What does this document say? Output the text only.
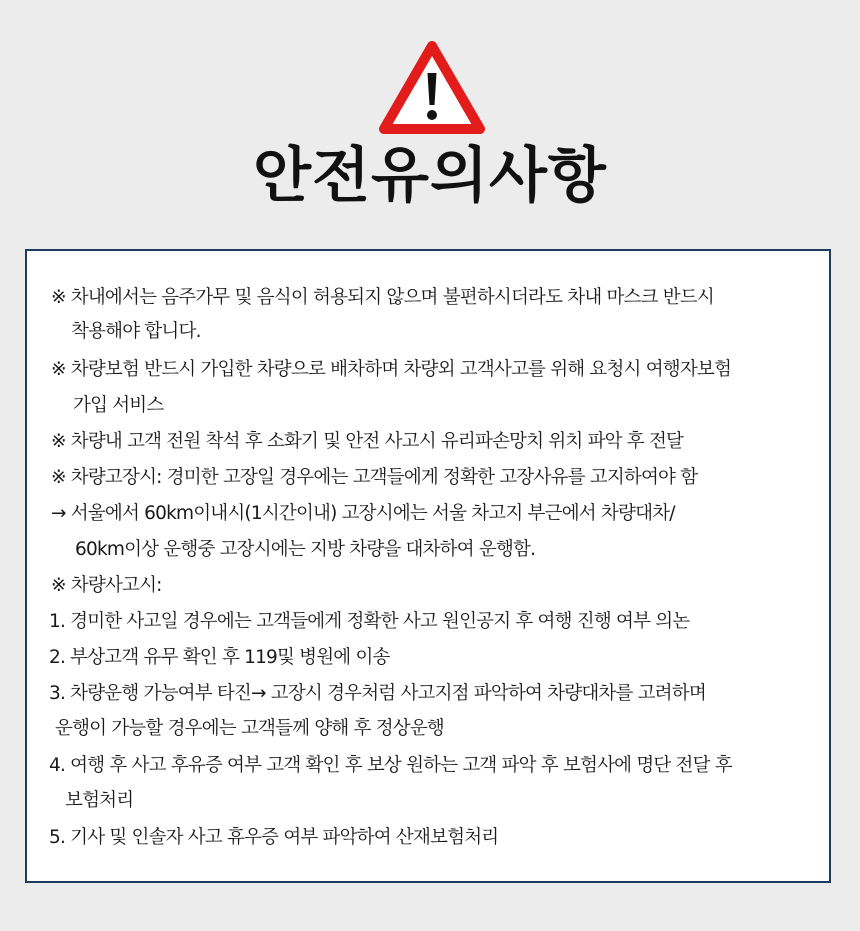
안전유의사항
※ 차내에서는 음주가무 및 음식이 허용되지 않으며 불편하시더라도 차내 마스크 반드시
착용해야 합니다.
※ 차량보험 반드시 가입한 차량으로 배차하며 차량외 고객사고를 위해 요청시 여행자보험
가입 서비스
※ 차량내 고객 전원 착석 후 소화기 및 안전 사고시 유리파손망치 위치 파악 후 전달
※ 차량고장시: 경미한 고장일 경우에는 고객들에게 정확한 고장사유를 고지하여야 함
→ 서울에서 60km이내시(1시간이내) 고장시에는 서울 차고지 부근에서 차량대차/
60km이상 운행중 고장시에는 지방 차량을 대차하여 운행함.
※ 차량사고시:
1. 경미한 사고일 경우에는 고객들에게 정확한 사고 원인공지 후 여행 진행 여부 의논
2. 부상고객 유무 확인 후 119및 병원에 이송
3. 차량운행 가능여부 타진→ 고장시 경우처럼 사고지점 파악하여 차량대차를 고려하며
운행이 가능할 경우에는 고객들께 양해 후 정상운행
4. 여행 후 사고 후유증 여부 고객 확인 후 보상 원하는 고객 파악 후 보험사에 명단 전달 후
보험처리
5. 기사 및 인솔자 사고 휴우증 여부 파악하여 산재보험처리
